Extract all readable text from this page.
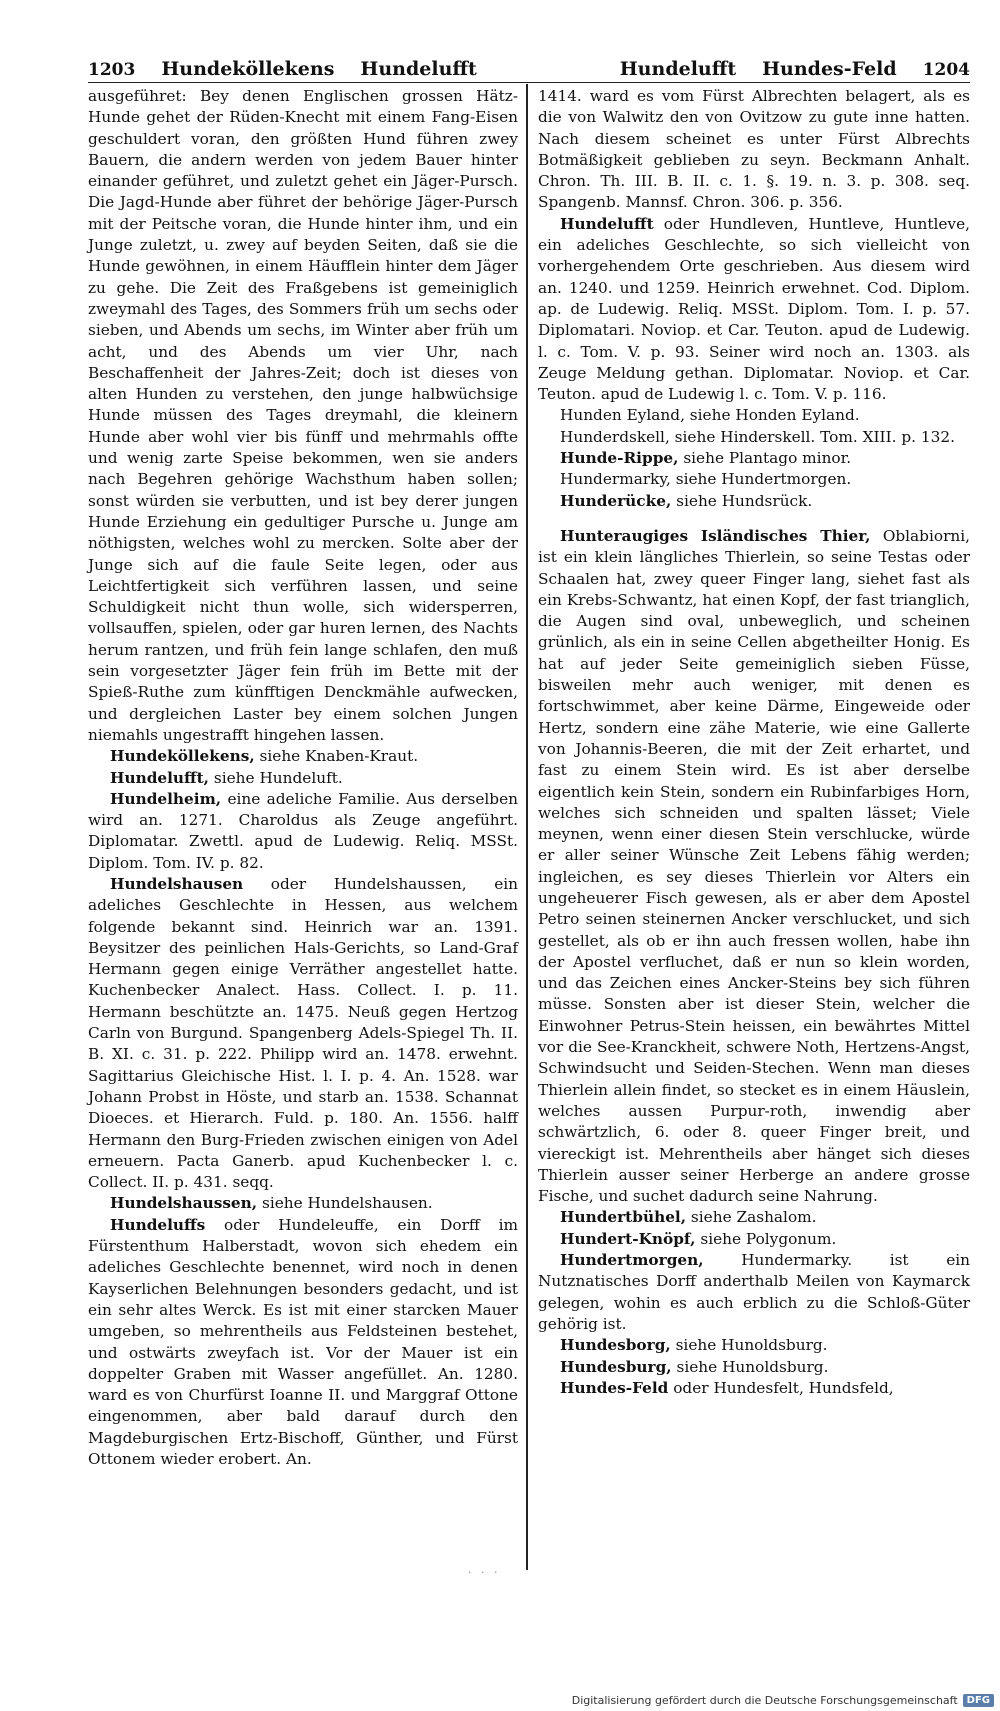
1203 Hundeköllekens Hundelufft	Hundelufft Hundes-Feld 1204

ausgeführet: Bey denen Englischen grossen Hätz-Hunde gehet der Rüden-Knecht mit einem Fang-Eisen geschuldert voran, den größten Hund führen zwey Bauern, die andern werden von jedem Bauer hinter einander geführet, und zuletzt gehet ein Jäger-Pursch. Die Jagd-Hunde aber führet der behörige Jäger-Pursch mit der Peitsche voran, die Hunde hinter ihm, und ein Junge zuletzt, u. zwey auf beyden Seiten, daß sie die Hunde gewöhnen, in einem Häufflein hinter dem Jäger zu gehe. Die Zeit des Fraßgebens ist gemeiniglich zweymahl des Tages, des Sommers früh um sechs oder sieben, und Abends um sechs, im Winter aber früh um acht, und des Abends um vier Uhr, nach Beschaffenheit der Jahres-Zeit; doch ist dieses von alten Hunden zu verstehen, den junge halbwüchsige Hunde müssen des Tages dreymahl, die kleinern Hunde aber wohl vier bis fünff und mehrmahls offte und wenig zarte Speise bekommen, wen sie anders nach Begehren gehörige Wachsthum haben sollen; sonst würden sie verbutten, und ist bey derer jungen Hunde Erziehung ein gedultiger Pursche u. Junge am nöthigsten, welches wohl zu mercken. Solte aber der Junge sich auf die faule Seite legen, oder aus Leichtfertigkeit sich verführen lassen, und seine Schuldigkeit nicht thun wolle, sich widersperren, vollsauffen, spielen, oder gar huren lernen, des Nachts herum rantzen, und früh fein lange schlafen, den muß sein vorgesetzter Jäger fein früh im Bette mit der Spieß-Ruthe zum künfftigen Denckmähle aufwecken, und dergleichen Laster bey einem solchen Jungen niemahls ungestrafft hingehen lassen.

Hundeköllekens, siehe Knaben-Kraut.

Hundelufft, siehe Hundeluft.

Hundelheim, eine adeliche Familie. Aus derselben wird an. 1271. Charoldus als Zeuge angeführt. Diplomatar. Zwettl. apud de Ludewig. Reliq. MSSt. Diplom. Tom. IV. p. 82.

Hundelshausen oder Hundelshaussen, ein adeliches Geschlechte in Hessen, aus welchem folgende bekannt sind. Heinrich war an. 1391. Beysitzer des peinlichen Hals-Gerichts, so Land-Graf Hermann gegen einige Verräther angestellet hatte. Kuchenbecker Analect. Hass. Collect. I. p. 11. Hermann beschützte an. 1475. Neuß gegen Hertzog Carln von Burgund. Spangenberg Adels-Spiegel Th. II. B. XI. c. 31. p. 222. Philipp wird an. 1478. erwehnt. Sagittarius Gleichische Hist. l. I. p. 4. An. 1528. war Johann Probst in Höste, und starb an. 1538. Schannat Dioeces. et Hierarch. Fuld. p. 180. An. 1556. halff Hermann den Burg-Frieden zwischen einigen von Adel erneuern. Pacta Ganerb. apud Kuchenbecker l. c. Collect. II. p. 431. seqq.

Hundelshaussen, siehe Hundelshausen.

Hundeluffs oder Hundeleuffe, ein Dorff im Fürstenthum Halberstadt, wovon sich ehedem ein adeliches Geschlechte benennet, wird noch in denen Kayserlichen Belehnungen besonders gedacht, und ist ein sehr altes Werck. Es ist mit einer starcken Mauer umgeben, so mehrentheils aus Feldsteinen bestehet, und ostwärts zweyfach ist. Vor der Mauer ist ein doppelter Graben mit Wasser angefüllet. An. 1280. ward es von Churfürst Ioanne II. und Marggraf Ottone eingenommen, aber bald darauf durch den Magdeburgischen Ertz-Bischoff, Günther, und Fürst Ottonem wieder erobert. An.

1414. ward es vom Fürst Albrechten belagert, als es die von Walwitz den von Ovitzow zu gute inne hatten. Nach diesem scheinet es unter Fürst Albrechts Botmäßigkeit geblieben zu seyn. Beckmann Anhalt. Chron. Th. III. B. II. c. 1. §. 19. n. 3. p. 308. seq. Spangenb. Mannsf. Chron. 306. p. 356.

Hundelufft oder Hundleven, Huntleve, Huntleve, ein adeliches Geschlechte, so sich vielleicht von vorhergehendem Orte geschrieben. Aus diesem wird an. 1240. und 1259. Heinrich erwehnet. Cod. Diplom. ap. de Ludewig. Reliq. MSSt. Diplom. Tom. I. p. 57. Diplomatari. Noviop. et Car. Teuton. apud de Ludewig. l. c. Tom. V. p. 93. Seiner wird noch an. 1303. als Zeuge Meldung gethan. Diplomatar. Noviop. et Car. Teuton. apud de Ludewig l. c. Tom. V. p. 116.

Hunden Eyland, siehe Honden Eyland.

Hunderdskell, siehe Hinderskell. Tom. XIII. p. 132.

Hunde-Rippe, siehe Plantago minor.

Hundermarky, siehe Hundertmorgen.

Hunderücke, siehe Hundsrück.

Hunteraugiges Isländisches Thier, Oblabiorni, ist ein klein längliches Thierlein, so seine Testas oder Schaalen hat, zwey queer Finger lang, siehet fast als ein Krebs-Schwantz, hat einen Kopf, der fast trianglich, die Augen sind oval, unbeweglich, und scheinen grünlich, als ein in seine Cellen abgetheilter Honig. Es hat auf jeder Seite gemeiniglich sieben Füsse, bisweilen mehr auch weniger, mit denen es fortschwimmet, aber keine Därme, Eingeweide oder Hertz, sondern eine zähe Materie, wie eine Gallerte von Johannis-Beeren, die mit der Zeit erhartet, und fast zu einem Stein wird. Es ist aber derselbe eigentlich kein Stein, sondern ein Rubinfarbiges Horn, welches sich schneiden und spalten lässet; Viele meynen, wenn einer diesen Stein verschlucke, würde er aller seiner Wünsche Zeit Lebens fähig werden; ingleichen, es sey dieses Thierlein vor Alters ein ungeheuerer Fisch gewesen, als er aber dem Apostel Petro seinen steinernen Ancker verschlucket, und sich gestellet, als ob er ihn auch fressen wollen, habe ihn der Apostel verfluchet, daß er nun so klein worden, und das Zeichen eines Ancker-Steins bey sich führen müsse. Sonsten aber ist dieser Stein, welcher die Einwohner Petrus-Stein heissen, ein bewährtes Mittel vor die See-Kranckheit, schwere Noth, Hertzens-Angst, Schwindsucht und Seiden-Stechen. Wenn man dieses Thierlein allein findet, so stecket es in einem Häuslein, welches aussen Purpur-roth, inwendig aber schwärtzlich, 6. oder 8. queer Finger breit, und viereckigt ist. Mehrentheils aber hänget sich dieses Thierlein ausser seiner Herberge an andere grosse Fische, und suchet dadurch seine Nahrung.

Hundertbühel, siehe Zashalom.

Hundert-Knöpf, siehe Polygonum.

Hundertmorgen, Hundermarky. ist ein Nutznatisches Dorff anderthalb Meilen von Kaymarck gelegen, wohin es auch erblich zu die Schloß-Güter gehörig ist.

Hundesborg, siehe Hunoldsburg.

Hundesburg, siehe Hunoldsburg.

Hundes-Feld oder Hundesfelt, Hundsfeld,

· · ·
Digitalisierung gefördert durch die Deutsche Forschungsgemeinschaft DFG
